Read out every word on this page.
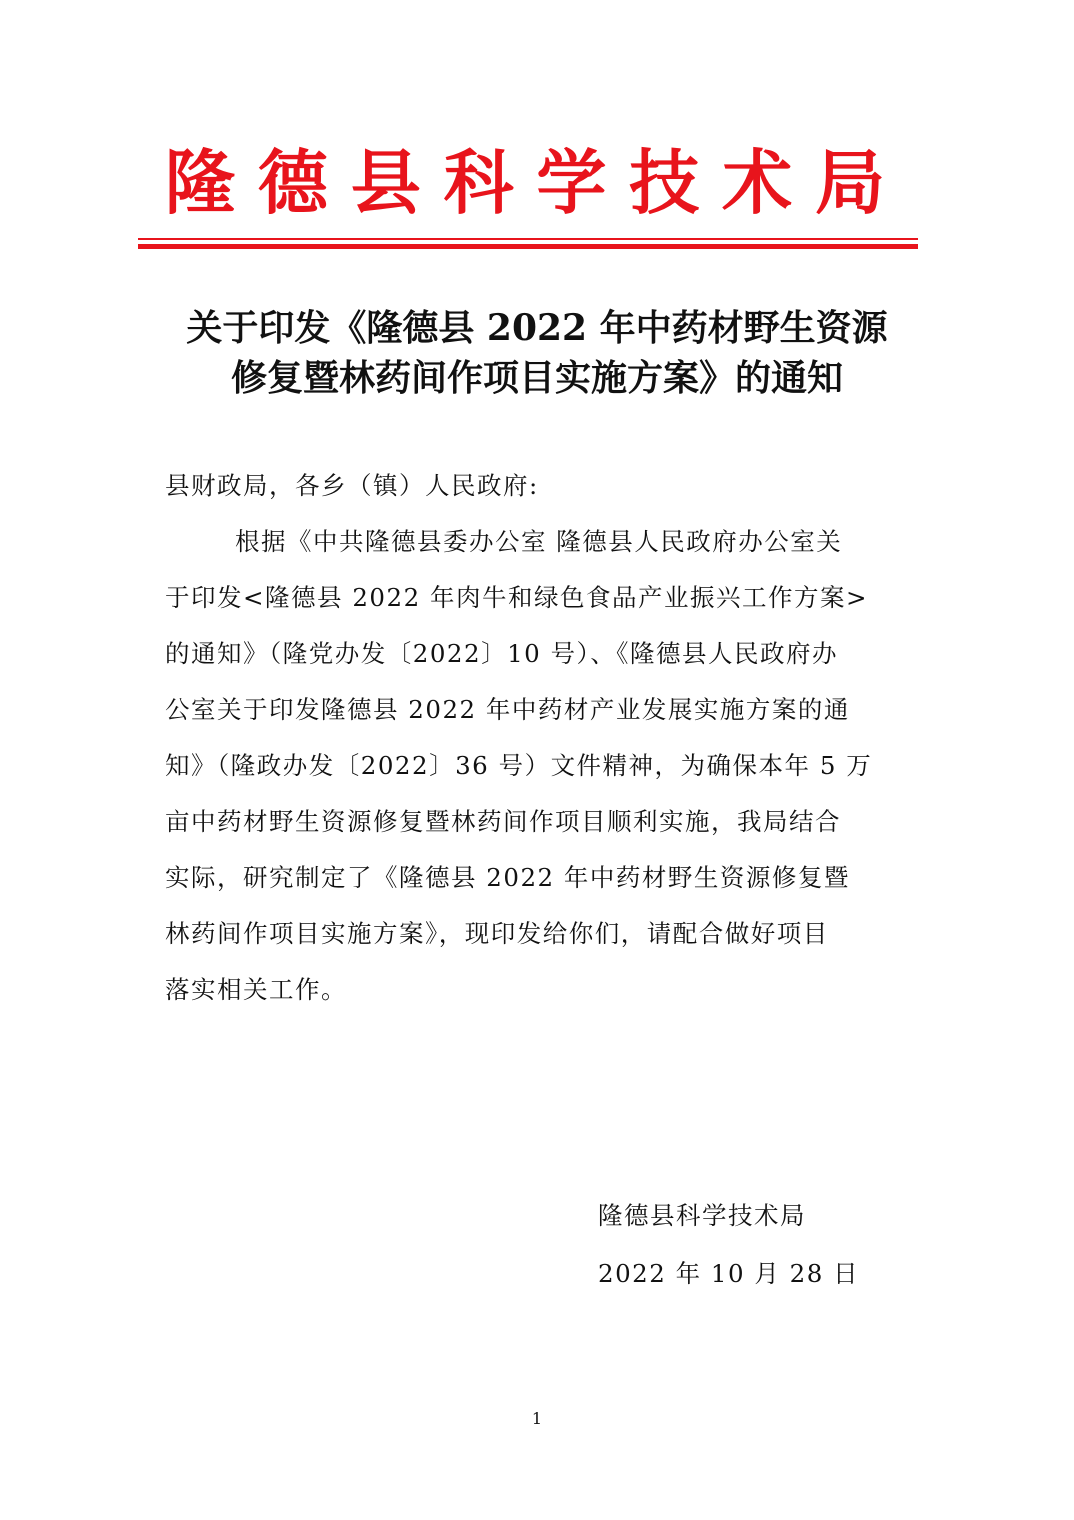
隆德县科学技术局
关于印发《隆德县 2022 年中药材野生资源
修复暨林药间作项目实施方案》的通知
县财政局，各乡（镇）人民政府:
根据《中共隆德县委办公室 隆德县人民政府办公室关
于印发<隆德县 2022 年肉牛和绿色食品产业振兴工作方案>
的通知》（隆党办发〔2022〕10 号）、《隆德县人民政府办
公室关于印发隆德县 2022 年中药材产业发展实施方案的通
知》（隆政办发〔2022〕36 号）文件精神，为确保本年 5 万
亩中药材野生资源修复暨林药间作项目顺利实施，我局结合
实际，研究制定了《隆德县 2022 年中药材野生资源修复暨
林药间作项目实施方案》，现印发给你们，请配合做好项目
落实相关工作。
隆德县科学技术局
2022 年 10 月 28 日
1
